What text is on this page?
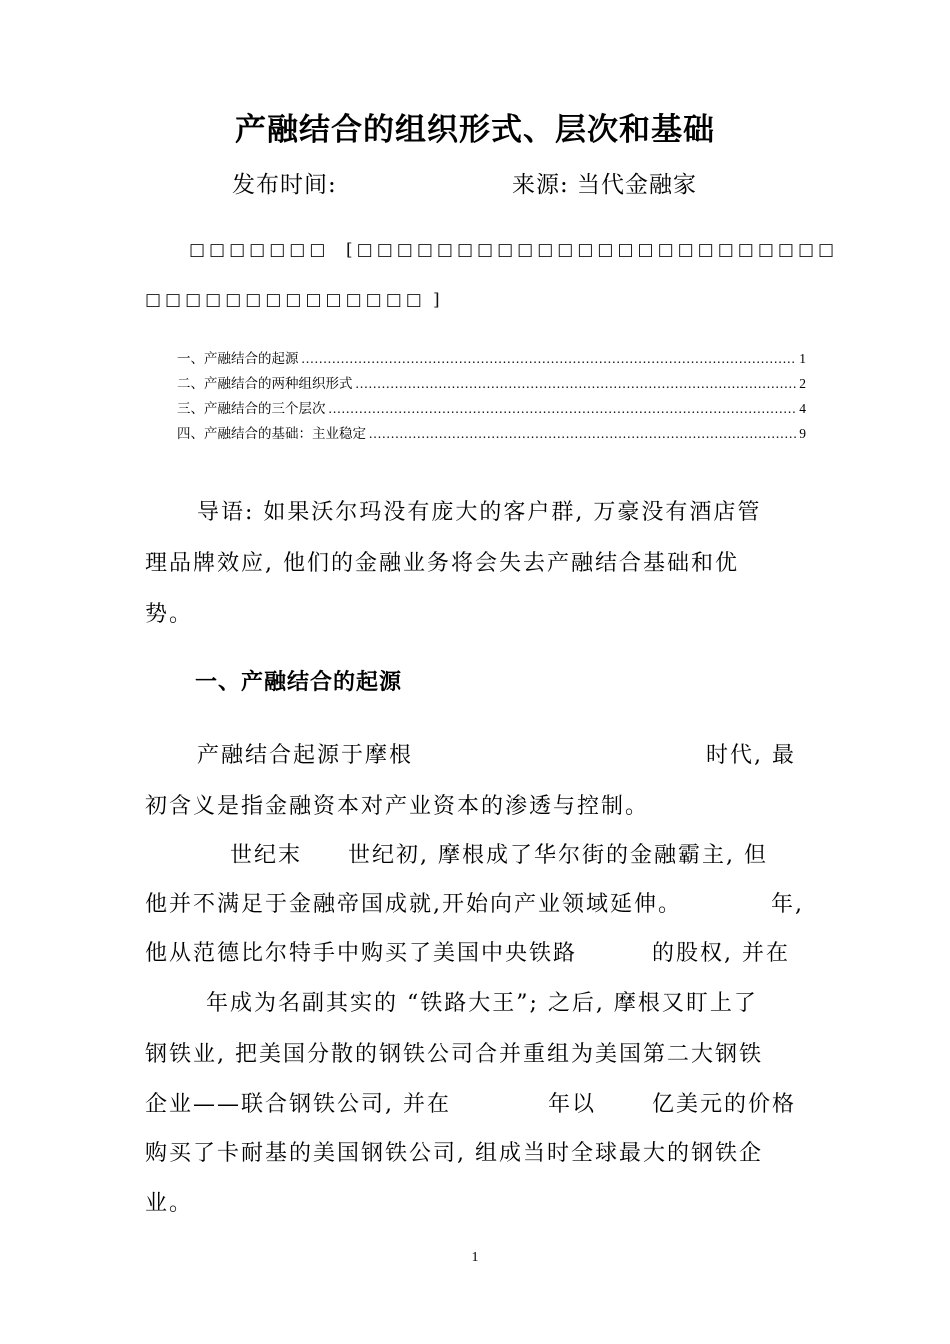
产融结合的组织形式、层次和基础
发布时间:	来源: 当代金融家
□□□□□□□ [□□□□□□□□□□□□□□□□□□□□□□□□
□□□□□□□□□□□□□□ ]
一、产融结合的起源 .....	1
二、产融结合的两种组织形式 .....	2
三、产融结合的三个层次 .....	4
四、产融结合的基础：主业稳定 .....	9
导语: 如果沃尔玛没有庞大的客户群, 万豪没有酒店管
理品牌效应, 他们的金融业务将会失去产融结合基础和优
势。
一、产融结合的起源
产融结合起源于摩根	时代, 最
初含义是指金融资本对产业资本的渗透与控制。
世纪末 世纪初, 摩根成了华尔街的金融霸主, 但
他并不满足于金融帝国成就,开始向产业领域延伸。	年,
他从范德比尔特手中购买了美国中央铁路	的股权, 并在
年成为名副其实的 “铁路大王”; 之后, 摩根又盯上了
钢铁业, 把美国分散的钢铁公司合并重组为美国第二大钢铁
企业——联合钢铁公司, 并在	年以	亿美元的价格
购买了卡耐基的美国钢铁公司, 组成当时全球最大的钢铁企
业。
1
